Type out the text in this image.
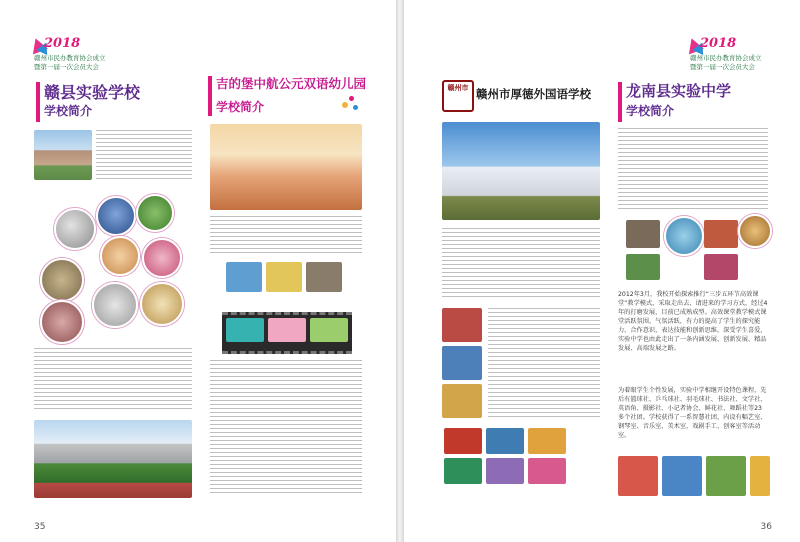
2018
赣州市民办教育协会成立
暨第一届一次会员大会
赣县实验学校
学校简介
吉的堡中航公元双语幼儿园
学校简介
35
2018
赣州市民办教育协会成立
暨第一届一次会员大会
赣州市 赣州市厚德外国语学校 龙南县实验中学
学校简介
2012年3月，我校开始探索推行“三步五环节高效课堂”教学模式，采取走出去、请进来的学习方式，经过4年的打磨发展，目前已成熟成型。高效课堂教学模式课堂活跃氛围、气氛活跃，有力的提高了学生的探究能力、合作意识，表达技能和创新思维，深受学生喜爱，实验中学也由此走出了一条内涵发展、创新发展、精品发展、高端发展之路。
为着眼学生个性发展，实验中学相继开设特色课程，先后有篮球社、乒乓球社、羽毛球社、书法社、文学社、英语角、摄影社、小记者协会、鲜花社、舞蹈社等23多个社团。学校获得了一系智慧社团，内设有幅艺室、钢琴室、音乐室、美术室、戏剧手工、创客室等活动室。
36
